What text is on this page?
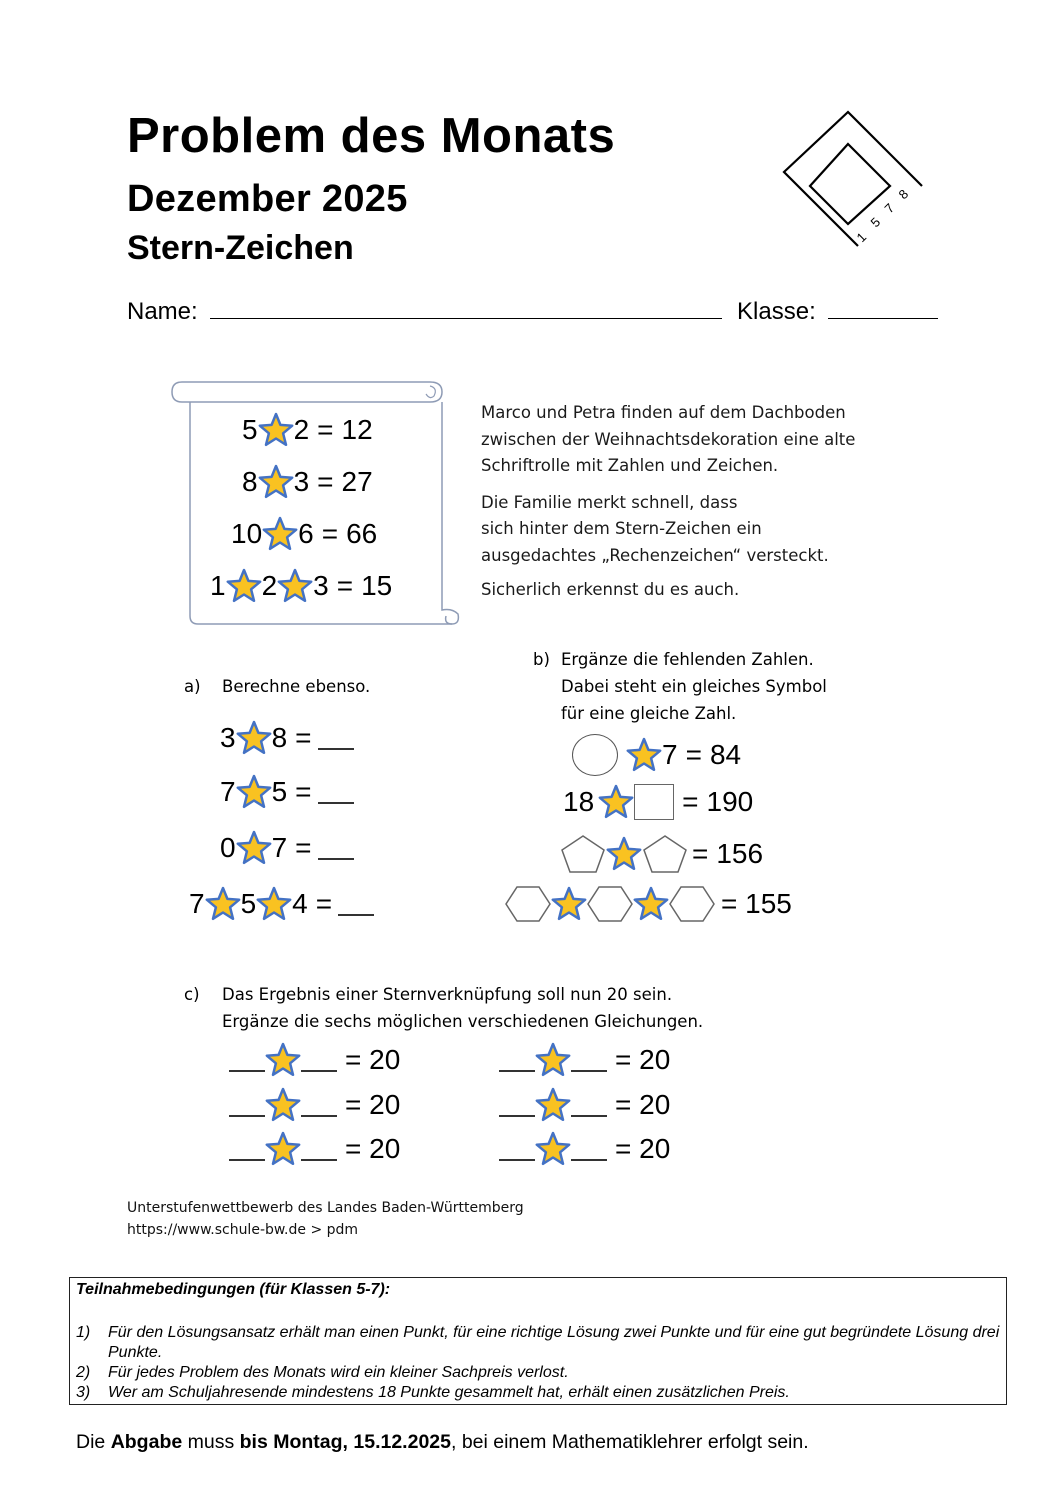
Problem des Monats
Dezember 2025
Stern-Zeichen
Name:	Klasse:
1
5
7
8
5 2 = 12
8 3 = 27
10 6 = 66
1 2 3 = 15

Marco und Petra finden auf dem Dachboden
zwischen der Weihnachtsdekoration eine alte
Schriftrolle mit Zahlen und Zeichen.

Die Familie merkt schnell, dass
sich hinter dem Stern-Zeichen ein
ausgedachtes „Rechenzeichen“ versteckt.

Sicherlich erkennst du es auch.

a) Berechne ebenso.
3 8 =
7 5 =
0 7 =
7 5 4 =
b) Ergänze die fehlenden Zahlen.
Dabei steht ein gleiches Symbol
für eine gleiche Zahl.
7 = 84
18	= 190
= 156
= 155
c) Das Ergebnis einer Sternverknüpfung soll nun 20 sein.
Ergänze die sechs möglichen verschiedenen Gleichungen.
= 20
= 20
= 20
= 20
= 20
= 20
Unterstufenwettbewerb des Landes Baden-Württemberg
https://www.schule-bw.de > pdm
Teilnahmebedingungen (für Klassen 5-7):
1) Für den Lösungsansatz erhält man einen Punkt, für eine richtige Lösung zwei Punkte und für eine gut begründete Lösung drei Punkte.
2) Für jedes Problem des Monats wird ein kleiner Sachpreis verlost.
3) Wer am Schuljahresende mindestens 18 Punkte gesammelt hat, erhält einen zusätzlichen Preis.
Die Abgabe muss bis Montag, 15.12.2025, bei einem Mathematiklehrer erfolgt sein.
